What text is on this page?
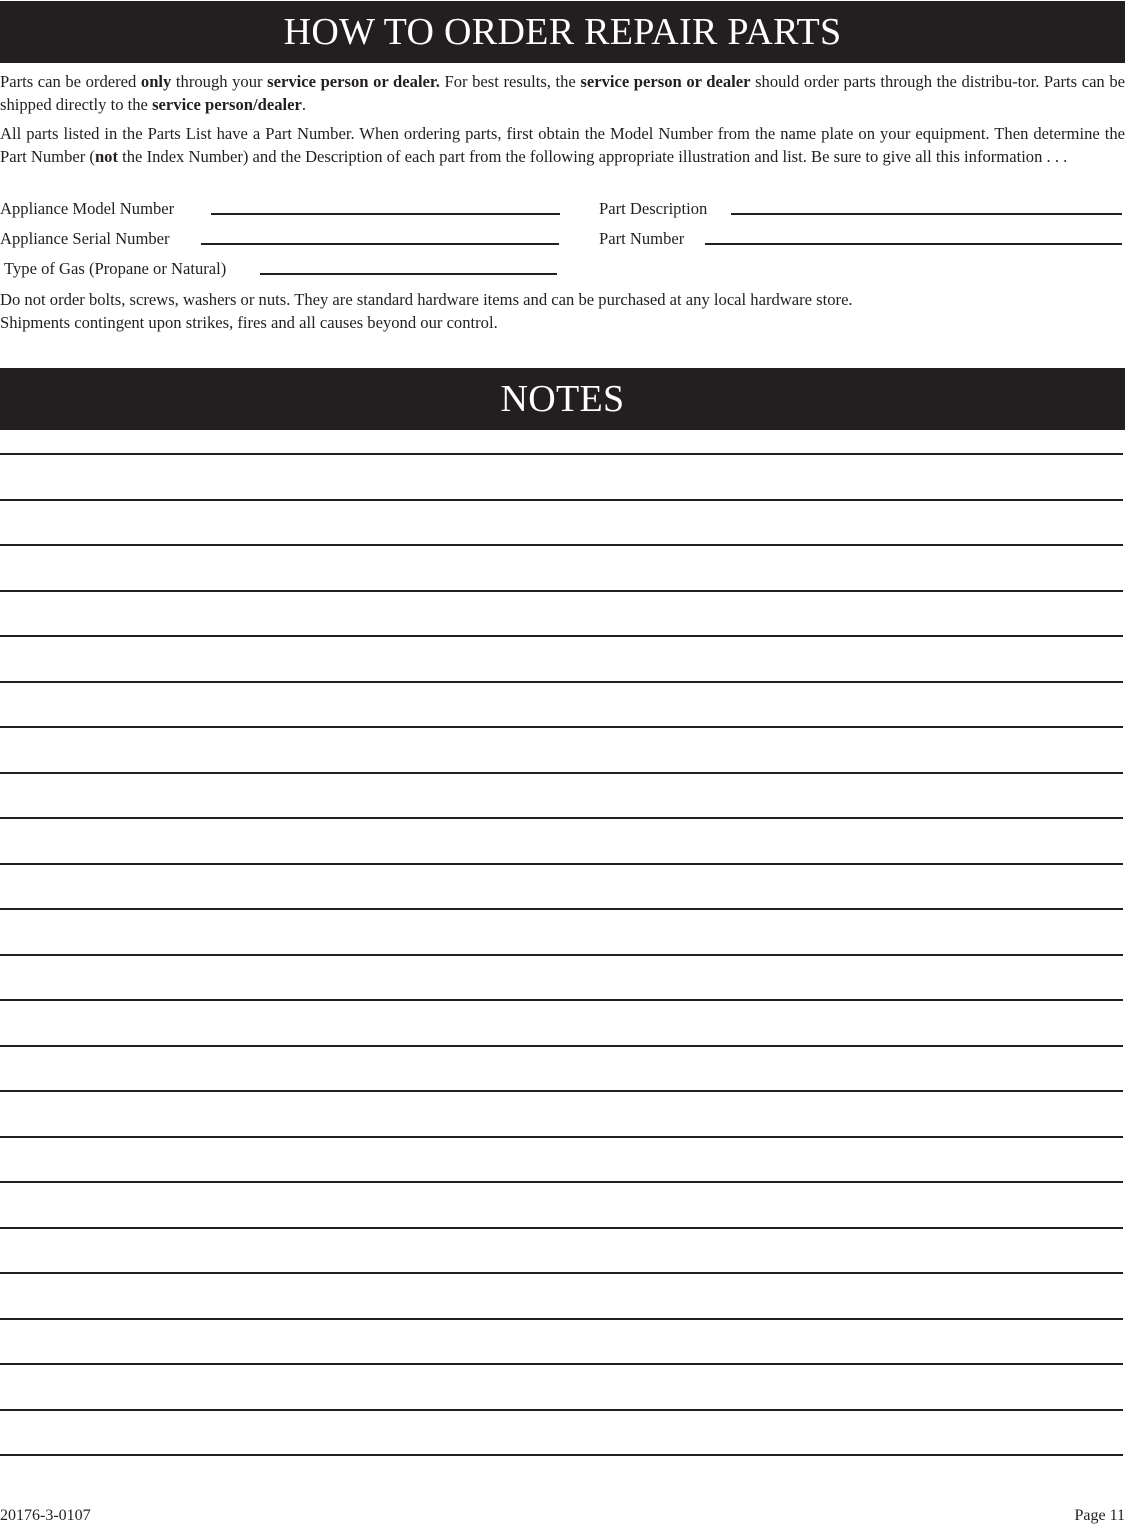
HOW TO ORDER REPAIR PARTS

Parts can be ordered only through your service person or dealer. For best results, the service person or dealer should order parts through the distribu-tor. Parts can be shipped directly to the service person/dealer.

All parts listed in the Parts List have a Part Number. When ordering parts, first obtain the Model Number from the name plate on your equipment. Then determine the Part Number (not the Index Number) and the Description of each part from the following appropriate illustration and list. Be sure to give all this information . . .

Appliance Model Number
Appliance Serial Number
Type of Gas (Propane or Natural)
Part Description
Part Number
Do not order bolts, screws, washers or nuts. They are standard hardware items and can be purchased at any local hardware store.
Shipments contingent upon strikes, fires and all causes beyond our control.
NOTES
20176-3-0107	Page 11
